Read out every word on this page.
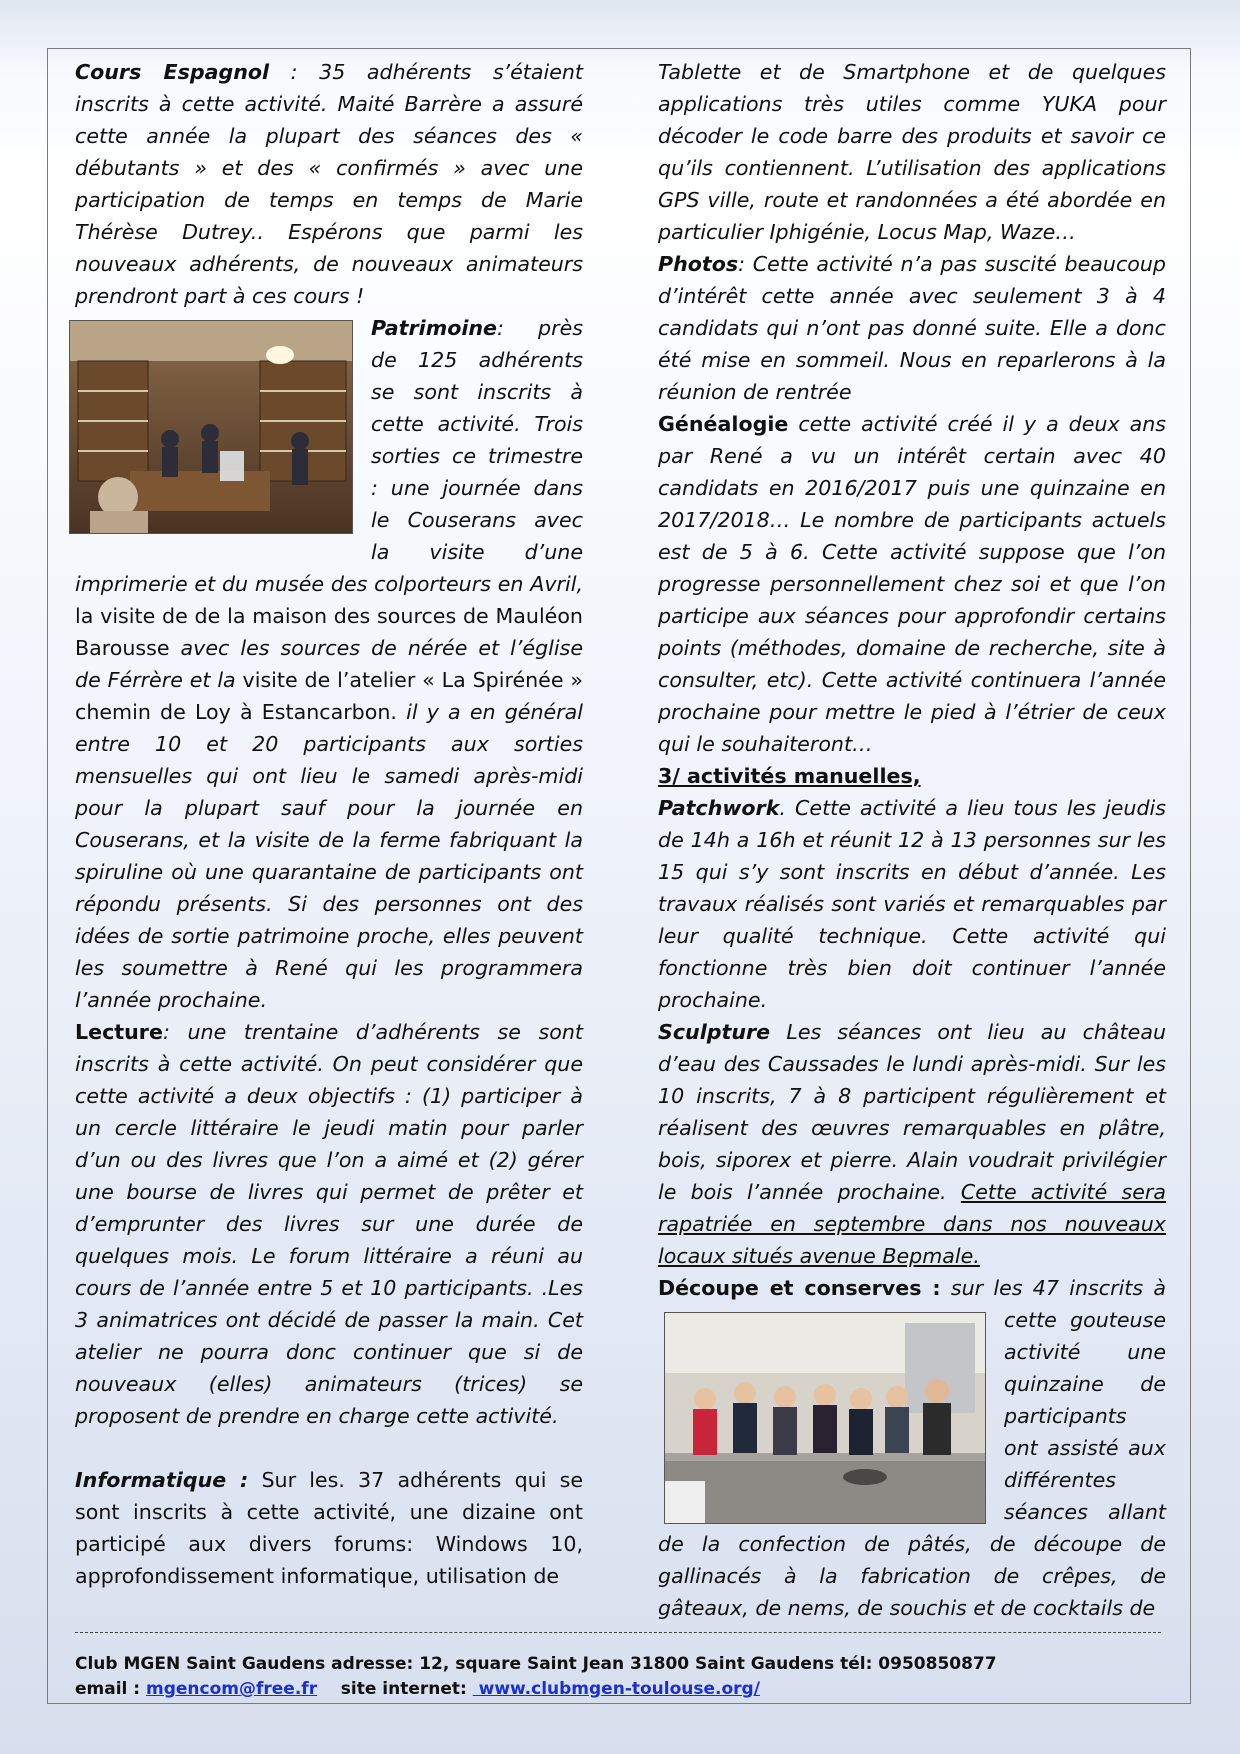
Cours Espagnol : 35 adhérents s’étaient inscrits à cette activité. Maité Barrère a assuré cette année la plupart des séances des « débutants » et des « confirmés » avec une participation de temps en temps de Marie Thérèse Dutrey.. Espérons que parmi les nouveaux adhérents, de nouveaux animateurs prendront part à ces cours !

Patrimoine: près de 125 adhérents se sont inscrits à cette activité. Trois sorties ce trimestre : une journée dans le Couserans avec la visite d’une imprimerie et du musée des colporteurs en Avril, la visite de de la maison des sources de Mauléon Barousse avec les sources de nérée et l’église de Férrère et la visite de l’atelier « La Spirénée » chemin de Loy à Estancarbon. il y a en général entre 10 et 20 participants aux sorties mensuelles qui ont lieu le samedi après-midi pour la plupart sauf pour la journée en Couserans, et la visite de la ferme fabriquant la spiruline où une quarantaine de participants ont répondu présents. Si des personnes ont des idées de sortie patrimoine proche, elles peuvent les soumettre à René qui les programmera l’année prochaine.

Lecture: une trentaine d’adhérents se sont inscrits à cette activité. On peut considérer que cette activité a deux objectifs : (1) participer à un cercle littéraire le jeudi matin pour parler d’un ou des livres que l’on a aimé et (2) gérer une bourse de livres qui permet de prêter et d’emprunter des livres sur une durée de quelques mois. Le forum littéraire a réuni au cours de l’année entre 5 et 10 participants. .Les 3 animatrices ont décidé de passer la main. Cet atelier ne pourra donc continuer que si de nouveaux (elles) animateurs (trices) se proposent de prendre en charge cette activité.

Informatique : Sur les. 37 adhérents qui se sont inscrits à cette activité, une dizaine ont participé aux divers forums: Windows 10, approfondissement informatique, utilisation de

Tablette et de Smartphone et de quelques applications très utiles comme YUKA pour décoder le code barre des produits et savoir ce qu’ils contiennent. L’utilisation des applications GPS ville, route et randonnées a été abordée en particulier Iphigénie, Locus Map, Waze…

Photos: Cette activité n’a pas suscité beaucoup d’intérêt cette année avec seulement 3 à 4 candidats qui n’ont pas donné suite. Elle a donc été mise en sommeil. Nous en reparlerons à la réunion de rentrée

Généalogie cette activité créé il y a deux ans par René a vu un intérêt certain avec 40 candidats en 2016/2017 puis une quinzaine en 2017/2018… Le nombre de participants actuels est de 5 à 6. Cette activité suppose que l’on progresse personnellement chez soi et que l’on participe aux séances pour approfondir certains points (méthodes, domaine de recherche, site à consulter, etc). Cette activité continuera l’année prochaine pour mettre le pied à l’étrier de ceux qui le souhaiteront…

3/ activités manuelles,

Patchwork. Cette activité a lieu tous les jeudis de 14h a 16h et réunit 12 à 13 personnes sur les 15 qui s’y sont inscrits en début d’année. Les travaux réalisés sont variés et remarquables par leur qualité technique. Cette activité qui fonctionne très bien doit continuer l’année prochaine.

Sculpture Les séances ont lieu au château d’eau des Caussades le lundi après-midi. Sur les 10 inscrits, 7 à 8 participent régulièrement et réalisent des œuvres remarquables en plâtre, bois, siporex et pierre. Alain voudrait privilégier le bois l’année prochaine. Cette activité sera rapatriée en septembre dans nos nouveaux locaux situés avenue Bepmale.

Découpe et conserves :
sur les 47 inscrits à cette gouteuse activité une quinzaine de participants ont assisté aux différentes séances allant de la confection de pâtés, de découpe de gallinacés à la fabrication de crêpes, de gâteaux, de nems, de souchis et de cocktails de

Club MGEN Saint Gaudens adresse: 12, square Saint Jean 31800 Saint Gaudens tél: 0950850877
email : mgencom@free.fr    site internet:  www.clubmgen-toulouse.org/
